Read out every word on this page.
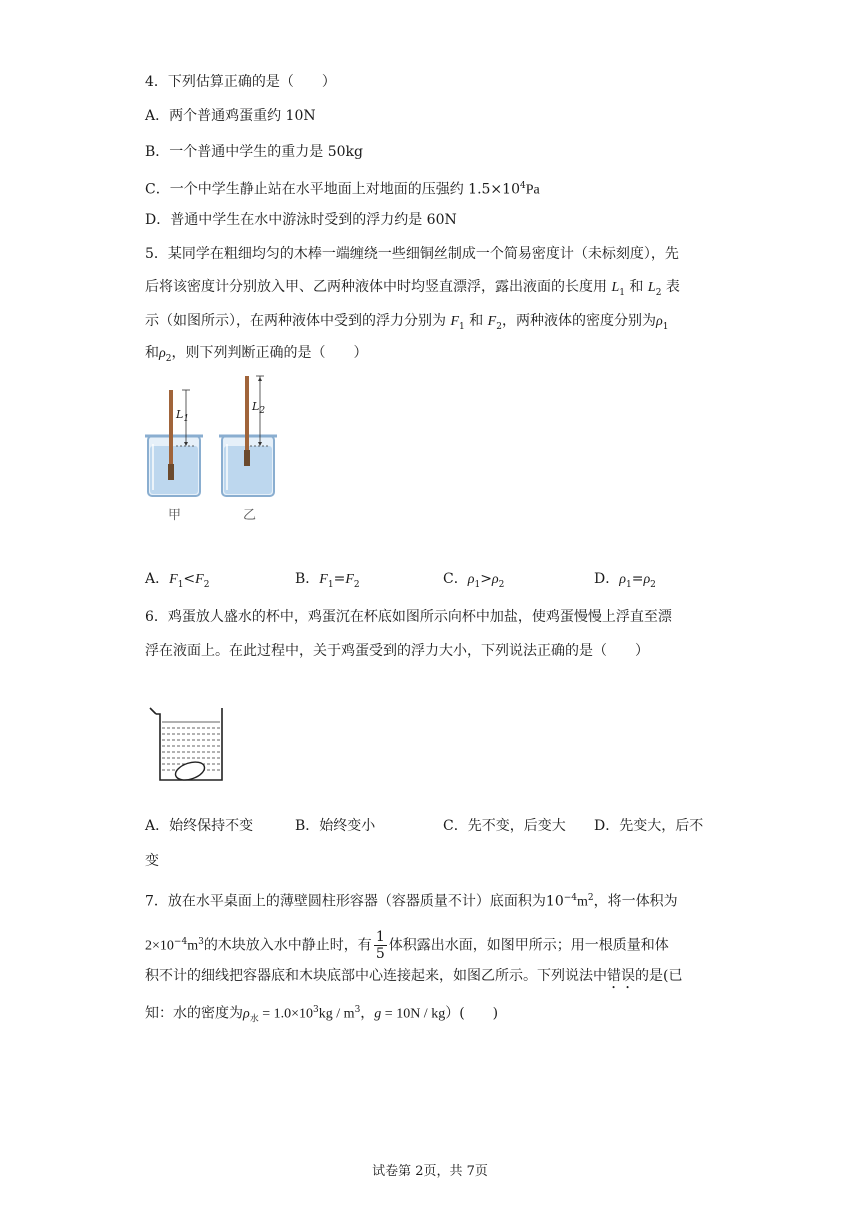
4．下列估算正确的是（　　）
A．两个普通鸡蛋重约 10N
B．一个普通中学生的重力是 50kg
C．一个中学生静止站在水平地面上对地面的压强约 $1.5\times 10^4Pa$
D．普通中学生在水中游泳时受到的浮力约是 60N
5．某同学在粗细均匀的木棒一端缠绕一些细铜丝制成一个简易密度计（未标刻度），先
后将该密度计分别放入甲、乙两种液体中时均竖直漂浮，露出液面的长度用 $L_1$ 和 $L_2$ 表
示（如图所示），在两种液体中受到的浮力分别为 $F_1$ 和 $F_2$，两种液体的密度分别为$\rho_1$
和$\rho_2$，则下列判断正确的是（　　）
$L_1$
$L_2$
甲	乙
A．$F_1<F_2$	B．$F_1=F_2$	C．$\rho_1>\rho_2$	D．$\rho_1=\rho_2$
6．鸡蛋放人盛水的杯中，鸡蛋沉在杯底如图所示向杯中加盐，使鸡蛋慢慢上浮直至漂
浮在液面上。在此过程中，关于鸡蛋受到的浮力大小，下列说法正确的是（　　）
A．始终保持不变	B．始终变小	C．先不变，后变大 D．先变大，后不
变
7．放在水平桌面上的薄壁圆柱形容器（容器质量不计）底面积为$10^{-4}m^2$，将一体积为
$2\times 10^{-4}m^3$的木块放入水中静止时，有 $\frac{1}{5}$ 体积露出水面，如图甲所示；用一根质量和体
积不计的细线把容器底和木块底部中心连接起来，如图乙所示。下列说法中错误的是(已
知：水的密度为$\rho_水 = 1.0\times 10^3kg / m^3$，g = 10N / kg）(　　)
试卷第 2页，共 7页
